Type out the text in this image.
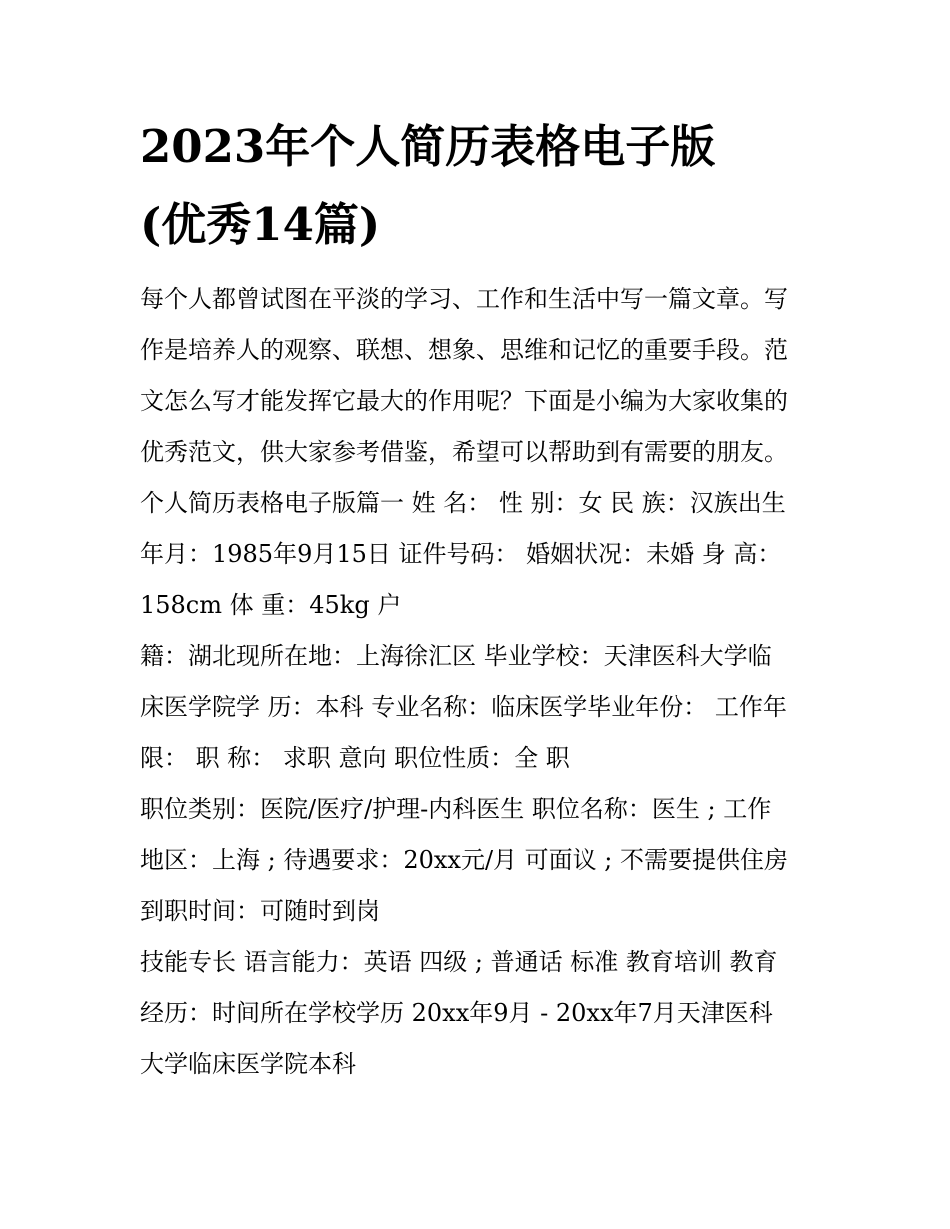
2023年个人简历表格电子版
(优秀14篇)
每个人都曾试图在平淡的学习、工作和生活中写一篇文章。写
作是培养人的观察、联想、想象、思维和记忆的重要手段。范
文怎么写才能发挥它最大的作用呢？下面是小编为大家收集的
优秀范文，供大家参考借鉴，希望可以帮助到有需要的朋友。
个人简历表格电子版篇一 姓 名： 性 别：女 民 族：汉族出生
年月：1985年9月15日 证件号码： 婚姻状况：未婚 身 高：
158cm 体 重：45kg 户
籍：湖北现所在地：上海徐汇区 毕业学校：天津医科大学临
床医学院学 历：本科 专业名称：临床医学毕业年份： 工作年
限： 职 称： 求职 意向 职位性质：全 职
职位类别：医院/医疗/护理-内科医生 职位名称：医生 ; 工作
地区：上海 ; 待遇要求：20xx元/月 可面议 ; 不需要提供住房
到职时间：可随时到岗
技能专长 语言能力：英语 四级 ; 普通话 标准 教育培训 教育
经历：时间所在学校学历 20xx年9月 - 20xx年7月天津医科
大学临床医学院本科
